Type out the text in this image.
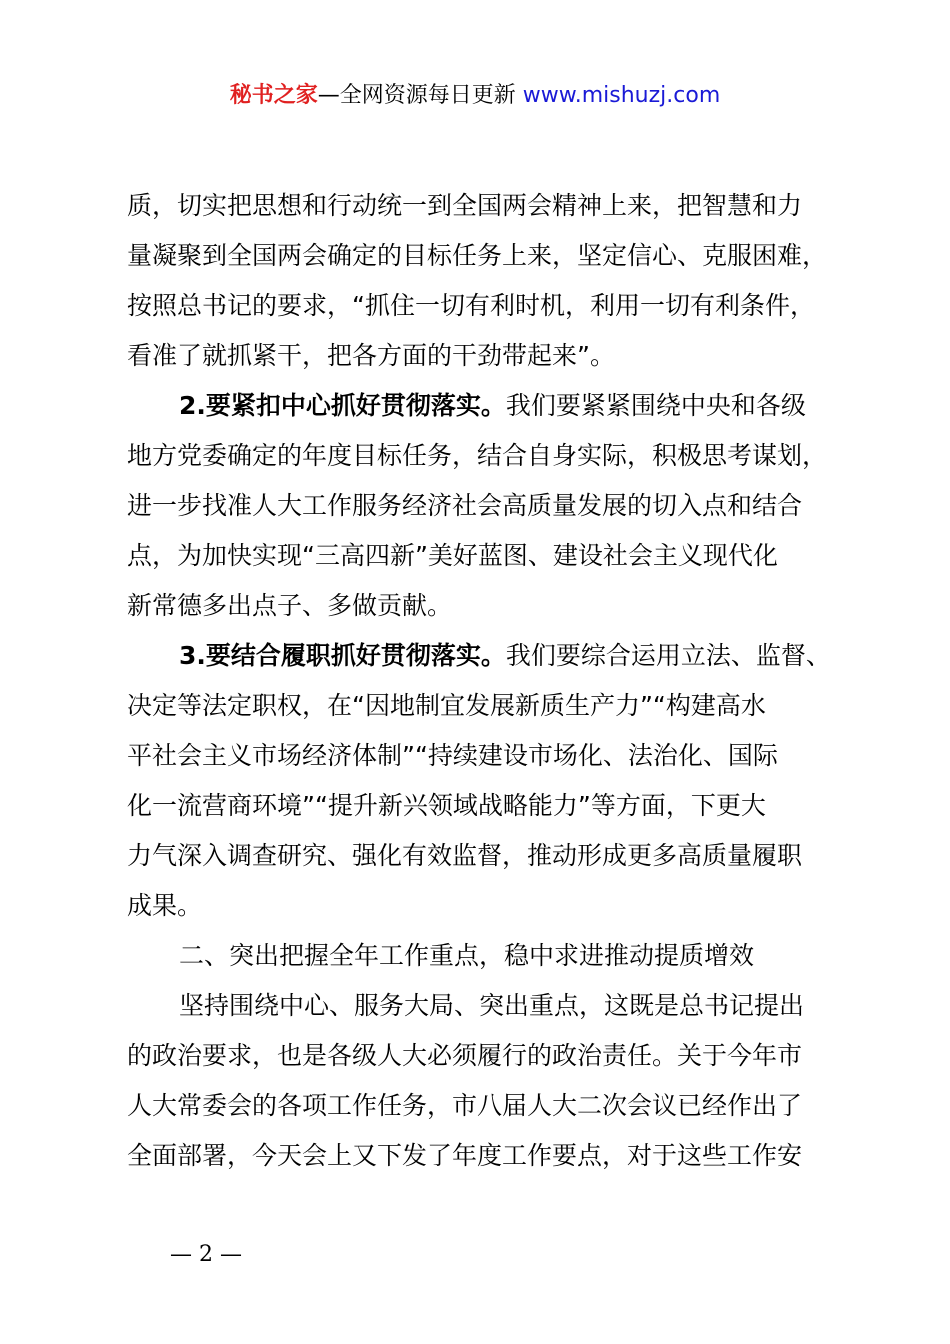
秘书之家—全网资源每日更新 www.mishuzj.com
质，切实把思想和行动统一到全国两会精神上来，把智慧和力
量凝聚到全国两会确定的目标任务上来，坚定信心、克服困难，
按照总书记的要求，“抓住一切有利时机，利用一切有利条件，
看准了就抓紧干，把各方面的干劲带起来”。
2.要紧扣中心抓好贯彻落实。我们要紧紧围绕中央和各级
地方党委确定的年度目标任务，结合自身实际，积极思考谋划，
进一步找准人大工作服务经济社会高质量发展的切入点和结合
点，为加快实现“三高四新”美好蓝图、建设社会主义现代化
新常德多出点子、多做贡献。
3.要结合履职抓好贯彻落实。我们要综合运用立法、监督、
决定等法定职权，在“因地制宜发展新质生产力”“构建高水
平社会主义市场经济体制”“持续建设市场化、法治化、国际
化一流营商环境”“提升新兴领域战略能力”等方面，下更大
力气深入调查研究、强化有效监督，推动形成更多高质量履职
成果。
二、突出把握全年工作重点，稳中求进推动提质增效
坚持围绕中心、服务大局、突出重点，这既是总书记提出
的政治要求，也是各级人大必须履行的政治责任。关于今年市
人大常委会的各项工作任务，市八届人大二次会议已经作出了
全面部署，今天会上又下发了年度工作要点，对于这些工作安
— 2 —
